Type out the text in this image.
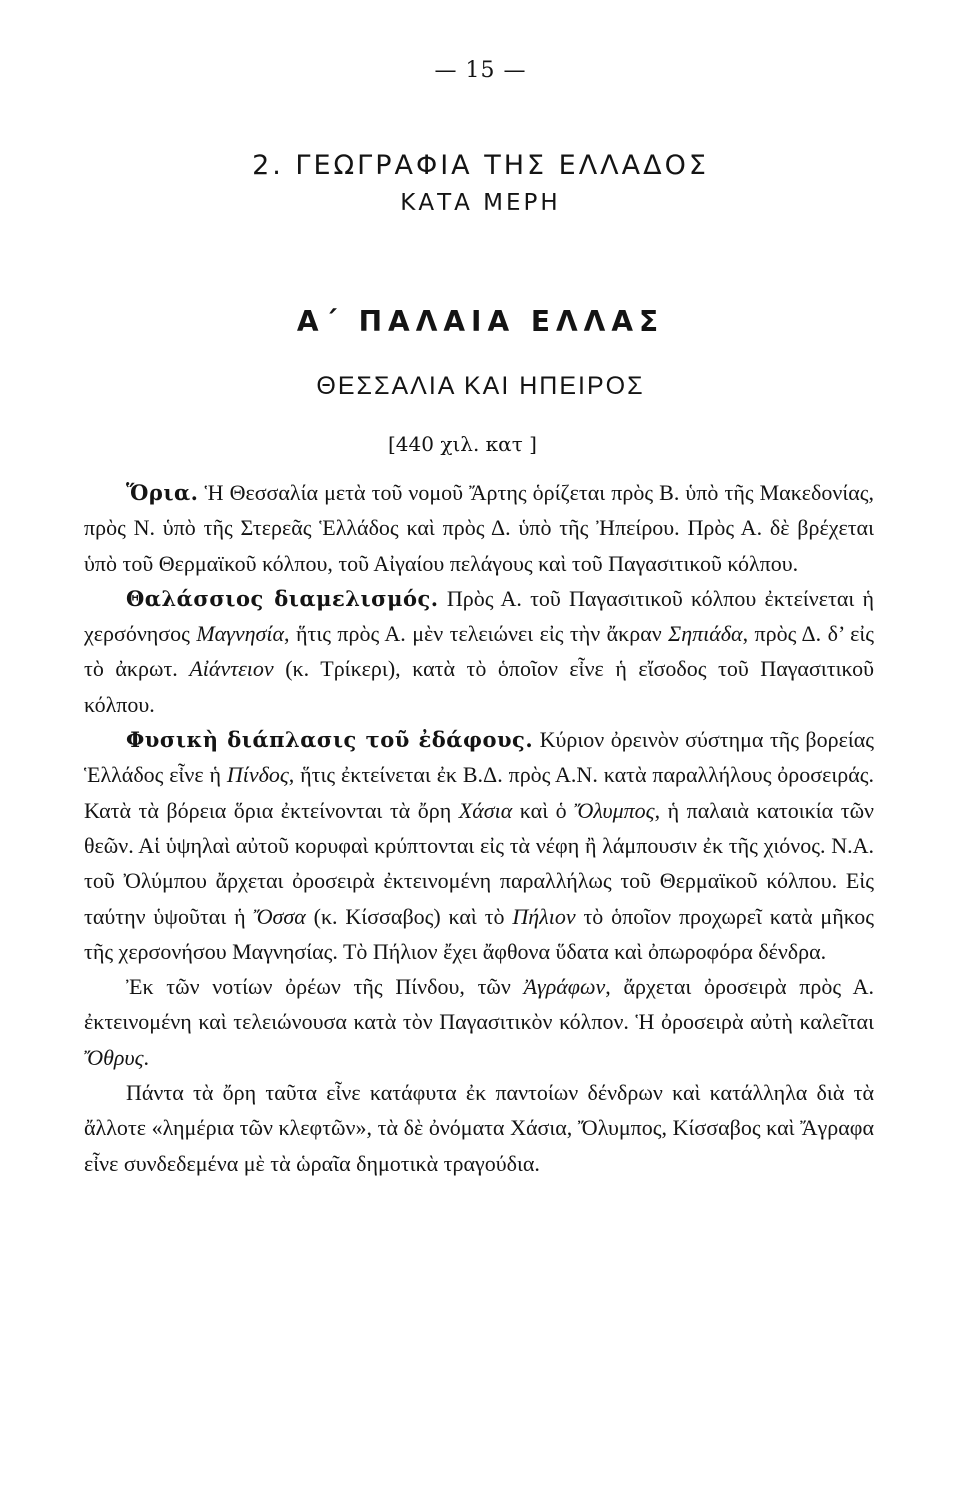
— 15 —
2. ΓΕΩΓΡΑΦΙΑ ΤΗΣ ΕΛΛΑΔΟΣ
ΚΑΤΑ ΜΕΡΗ
Α΄ ΠΑΛΑΙΑ ΕΛΛΑΣ
ΘΕΣΣΑΛΙΑ ΚΑΙ ΗΠΕΙΡΟΣ
[440 χιλ. κατ ]

Ὅρια. Ἡ Θεσσαλία μετὰ τοῦ νομοῦ Ἄρτης ὁρίζεται πρὸς Β. ὑπὸ τῆς Μακεδονίας, πρὸς Ν. ὑπὸ τῆς Στερεᾶς Ἑλλάδος καὶ πρὸς Δ. ὑπὸ τῆς Ἠπείρου. Πρὸς Α. δὲ βρέχεται ὑπὸ τοῦ Θερμαϊκοῦ κόλπου, τοῦ Αἰγαίου πελάγους καὶ τοῦ Παγασιτικοῦ κόλπου.

Θαλάσσιος διαμελισμός. Πρὸς Α. τοῦ Παγασιτικοῦ κόλπου ἐκτείνεται ἡ χερσόνησος Μαγνησία, ἥτις πρὸς Α. μὲν τελειώνει εἰς τὴν ἄκραν Σηπιάδα, πρὸς Δ. δ’ εἰς τὸ ἀκρωτ. Αἰάντειον (κ. Τρίκερι), κατὰ τὸ ὁποῖον εἶνε ἡ εἴσοδος τοῦ Παγασιτικοῦ κόλπου.

Φυσικὴ διάπλασις τοῦ ἐδάφους. Κύριον ὀρεινὸν σύστημα τῆς βορείας Ἑλλάδος εἶνε ἡ Πίνδος, ἥτις ἐκτείνεται ἐκ Β.Δ. πρὸς Α.Ν. κατὰ παραλλήλους ὀροσειράς. Κατὰ τὰ βόρεια ὅρια ἐκτείνονται τὰ ὄρη Χάσια καὶ ὁ Ὄλυμπος, ἡ παλαιὰ κατοικία τῶν θεῶν. Αἱ ὑψηλαὶ αὐτοῦ κορυφαὶ κρύπτονται εἰς τὰ νέφη ἢ λάμπουσιν ἐκ τῆς χιόνος. Ν.Α. τοῦ Ὀλύμπου ἄρχεται ὀροσειρὰ ἐκτεινομένη παραλλήλως τοῦ Θερμαϊκοῦ κόλπου. Εἰς ταύτην ὑψοῦται ἡ Ὄσσα (κ. Κίσσαβος) καὶ τὸ Πήλιον τὸ ὁποῖον προχωρεῖ κατὰ μῆκος τῆς χερσονήσου Μαγνησίας. Τὸ Πήλιον ἔχει ἄφθονα ὕδατα καὶ ὀπωροφόρα δένδρα.

Ἐκ τῶν νοτίων ὀρέων τῆς Πίνδου, τῶν Ἀγράφων, ἄρχεται ὀροσειρὰ πρὸς Α. ἐκτεινομένη καὶ τελειώνουσα κατὰ τὸν Παγασιτικὸν κόλπον. Ἡ ὀροσειρὰ αὐτὴ καλεῖται Ὄθρυς.

Πάντα τὰ ὄρη ταῦτα εἶνε κατάφυτα ἐκ παντοίων δένδρων καὶ κατάλληλα διὰ τὰ ἄλλοτε «λημέρια τῶν κλεφτῶν», τὰ δὲ ὀνόματα Χάσια, Ὄλυμπος, Κίσσαβος καὶ Ἄγραφα εἶνε συνδεδεμένα μὲ τὰ ὡραῖα δημοτικὰ τραγούδια.
